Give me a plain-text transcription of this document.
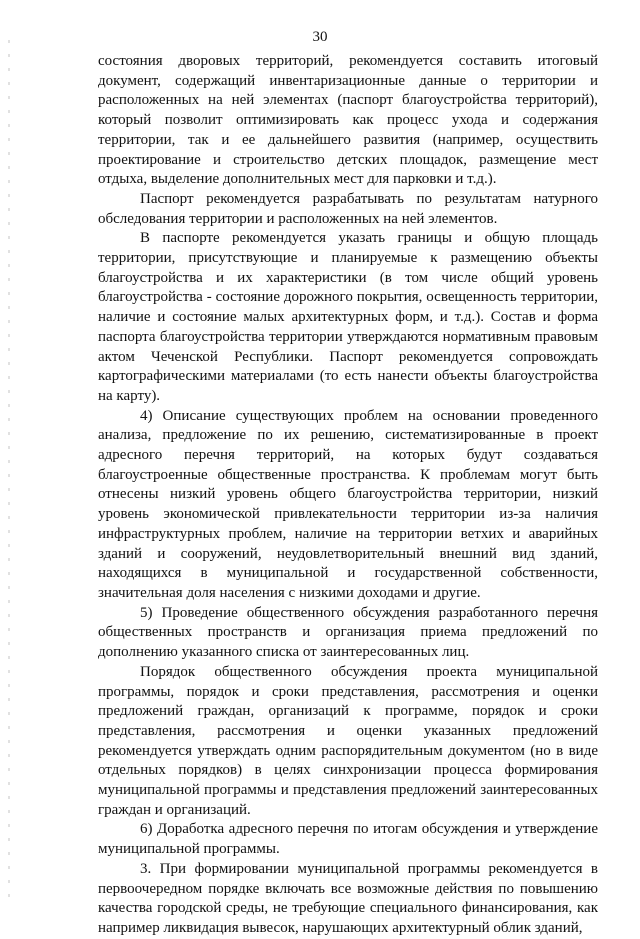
30

состояния дворовых территорий, рекомендуется составить итоговый документ, содержащий инвентаризационные данные о территории и расположенных на ней элементах (паспорт благоустройства территорий), который позволит оптимизировать как процесс ухода и содержания территории, так и ее дальнейшего развития (например, осуществить проектирование и строительство детских площадок, размещение мест отдыха, выделение дополнительных мест для парковки и т.д.).

Паспорт рекомендуется разрабатывать по результатам натурного обследования территории и расположенных на ней элементов.

В паспорте рекомендуется указать границы и общую площадь территории, присутствующие и планируемые к размещению объекты благоустройства и их характеристики (в том числе общий уровень благоустройства - состояние дорожного покрытия, освещенность территории, наличие и состояние малых архитектурных форм, и т.д.). Состав и форма паспорта благоустройства территории утверждаются нормативным правовым актом Чеченской Республики. Паспорт рекомендуется сопровождать картографическими материалами (то есть нанести объекты благоустройства на карту).

4) Описание существующих проблем на основании проведенного анализа, предложение по их решению, систематизированные в проект адресного перечня территорий, на которых будут создаваться благоустроенные общественные пространства. К проблемам могут быть отнесены низкий уровень общего благоустройства территории, низкий уровень экономической привлекательности территории из-за наличия инфраструктурных проблем, наличие на территории ветхих и аварийных зданий и сооружений, неудовлетворительный внешний вид зданий, находящихся в муниципальной и государственной собственности, значительная доля населения с низкими доходами и другие.

5) Проведение общественного обсуждения разработанного перечня общественных пространств и организация приема предложений по дополнению указанного списка от заинтересованных лиц.

Порядок общественного обсуждения проекта муниципальной программы, порядок и сроки представления, рассмотрения и оценки предложений граждан, организаций к программе, порядок и сроки представления, рассмотрения и оценки указанных предложений рекомендуется утверждать одним распорядительным документом (но в виде отдельных порядков) в целях синхронизации процесса формирования муниципальной программы и представления предложений заинтересованных граждан и организаций.

6) Доработка адресного перечня по итогам обсуждения и утверждение муниципальной программы.

3. При формировании муниципальной программы рекомендуется в первоочередном порядке включать все возможные действия по повышению качества городской среды, не требующие специального финансирования, как например ликвидация вывесок, нарушающих архитектурный облик зданий,
